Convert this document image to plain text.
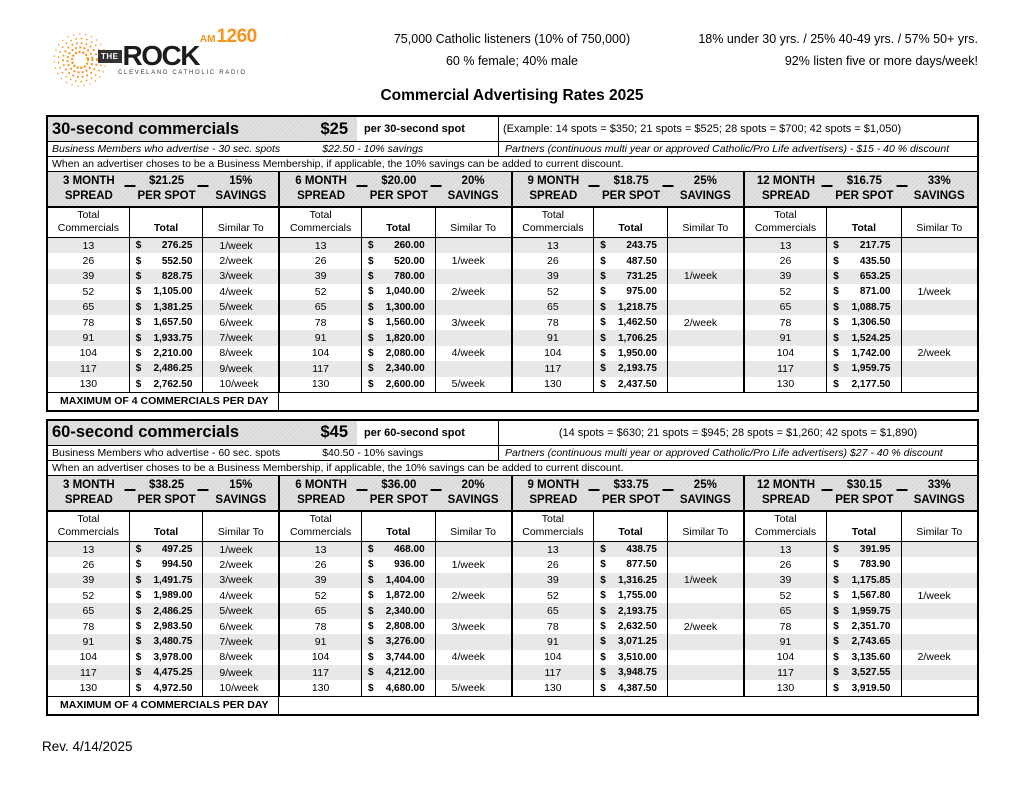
AM1260
THE ROCK
CLEVELAND CATHOLIC RADIO
75,000 Catholic listeners (10% of 750,000)
60 % female; 40% male
18% under 30 yrs. / 25% 40-49 yrs. / 57% 50+ yrs.
92% listen five or more days/week!
Commercial Advertising Rates 2025
30-second commercials	$25	per 30-second spot	(Example: 14 spots = $350; 21 spots = $525; 28 spots = $700; 42 spots = $1,050)
Business Members who advertise - 30 sec. spots	$22.50 - 10% savings	Partners (continuous multi year or approved Catholic/Pro Life advertisers) - $15 - 40 % discount
When an advertiser choses to be a Business Membership, if applicable, the 10% savings can be added to current discount.
3 MONTH
SPREAD
$21.25
PER SPOT
15%
SAVINGS
Total Commercials	Total	Similar To
13	$ 276.25	1/week
26	$ 552.50	2/week
39	$ 828.75	3/week
52	$ 1,105.00	4/week
65	$ 1,381.25	5/week
78	$ 1,657.50	6/week
91	$ 1,933.75	7/week
104	$ 2,210.00	8/week
117	$ 2,486.25	9/week
130	$ 2,762.50	10/week
6 MONTH
SPREAD
$20.00
PER SPOT
20%
SAVINGS
Total Commercials	Total	Similar To
13	$ 260.00
26	$ 520.00	1/week
39	$ 780.00
52	$ 1,040.00	2/week
65	$ 1,300.00
78	$ 1,560.00	3/week
91	$ 1,820.00
104	$ 2,080.00	4/week
117	$ 2,340.00
130	$ 2,600.00	5/week
9 MONTH
SPREAD
$18.75
PER SPOT
25%
SAVINGS
Total Commercials	Total	Similar To
13	$ 243.75
26	$ 487.50
39	$ 731.25	1/week
52	$ 975.00
65	$ 1,218.75
78	$ 1,462.50	2/week
91	$ 1,706.25
104	$ 1,950.00
117	$ 2,193.75
130	$ 2,437.50
12 MONTH
SPREAD
$16.75
PER SPOT
33%
SAVINGS
Total Commercials	Total	Similar To
13	$ 217.75
26	$ 435.50
39	$ 653.25
52	$ 871.00	1/week
65	$ 1,088.75
78	$ 1,306.50
91	$ 1,524.25
104	$ 1,742.00	2/week
117	$ 1,959.75
130	$ 2,177.50
MAXIMUM OF 4 COMMERCIALS PER DAY
60-second commercials	$45	per 60-second spot	(14 spots = $630; 21 spots = $945; 28 spots = $1,260; 42 spots = $1,890)
Business Members who advertise - 60 sec. spots	$40.50 - 10% savings	Partners (continuous multi year or approved Catholic/Pro Life advertisers) $27 - 40 % discount
When an advertiser choses to be a Business Membership, if applicable, the 10% savings can be added to current discount.
3 MONTH
SPREAD
$38.25
PER SPOT
15%
SAVINGS
Total Commercials	Total	Similar To
13	$ 497.25	1/week
26	$ 994.50	2/week
39	$ 1,491.75	3/week
52	$ 1,989.00	4/week
65	$ 2,486.25	5/week
78	$ 2,983.50	6/week
91	$ 3,480.75	7/week
104	$ 3,978.00	8/week
117	$ 4,475.25	9/week
130	$ 4,972.50	10/week
6 MONTH
SPREAD
$36.00
PER SPOT
20%
SAVINGS
Total Commercials	Total	Similar To
13	$ 468.00
26	$ 936.00	1/week
39	$ 1,404.00
52	$ 1,872.00	2/week
65	$ 2,340.00
78	$ 2,808.00	3/week
91	$ 3,276.00
104	$ 3,744.00	4/week
117	$ 4,212.00
130	$ 4,680.00	5/week
9 MONTH
SPREAD
$33.75
PER SPOT
25%
SAVINGS
Total Commercials	Total	Similar To
13	$ 438.75
26	$ 877.50
39	$ 1,316.25	1/week
52	$ 1,755.00
65	$ 2,193.75
78	$ 2,632.50	2/week
91	$ 3,071.25
104	$ 3,510.00
117	$ 3,948.75
130	$ 4,387.50
12 MONTH
SPREAD
$30.15
PER SPOT
33%
SAVINGS
Total Commercials	Total	Similar To
13	$ 391.95
26	$ 783.90
39	$ 1,175.85
52	$ 1,567.80	1/week
65	$ 1,959.75
78	$ 2,351.70
91	$ 2,743.65
104	$ 3,135.60	2/week
117	$ 3,527.55
130	$ 3,919.50
MAXIMUM OF 4 COMMERCIALS PER DAY
Rev. 4/14/2025
